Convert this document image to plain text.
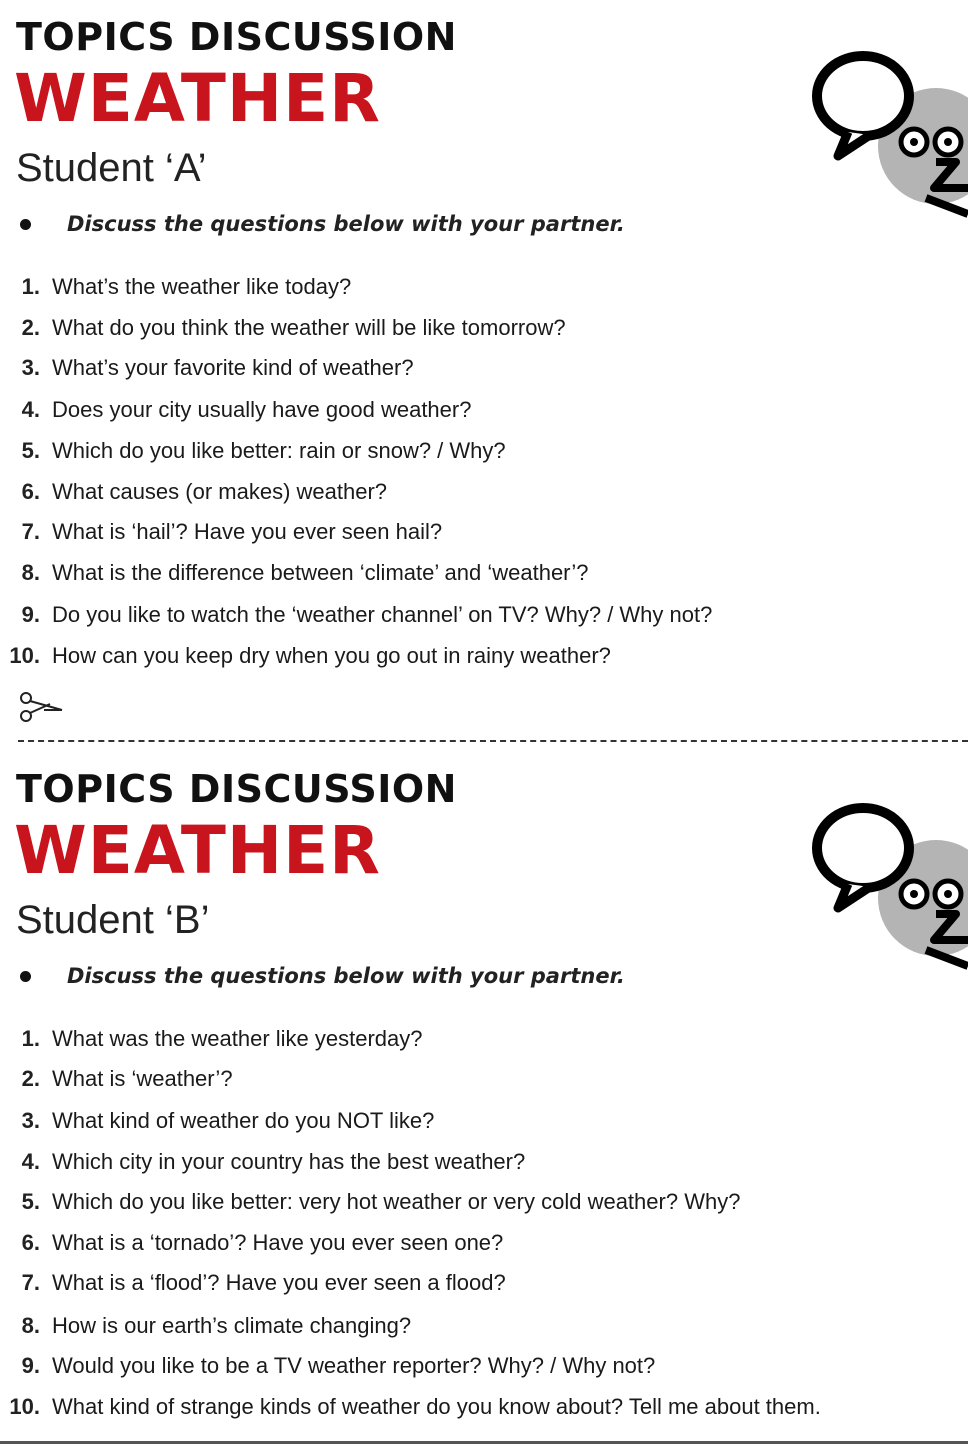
TOPICS DISCUSSION
WEATHER
Student ‘A’
Discuss the questions below with your partner.
1. What’s the weather like today?
2. What do you think the weather will be like tomorrow?
3. What’s your favorite kind of weather?
4. Does your city usually have good weather?
5. Which do you like better: rain or snow? / Why?
6. What causes (or makes) weather?
7. What is ‘hail’? Have you ever seen hail?
8. What is the difference between ‘climate’ and ‘weather’?
9. Do you like to watch the ‘weather channel’ on TV? Why? / Why not?
10. How can you keep dry when you go out in rainy weather?
TOPICS DISCUSSION
WEATHER
Student ‘B’
Discuss the questions below with your partner.
1. What was the weather like yesterday?
2. What is ‘weather’?
3. What kind of weather do you NOT like?
4. Which city in your country has the best weather?
5. Which do you like better: very hot weather or very cold weather? Why?
6. What is a ‘tornado’? Have you ever seen one?
7. What is a ‘flood’? Have you ever seen a flood?
8. How is our earth’s climate changing?
9. Would you like to be a TV weather reporter? Why? / Why not?
10. What kind of strange kinds of weather do you know about? Tell me about them.
